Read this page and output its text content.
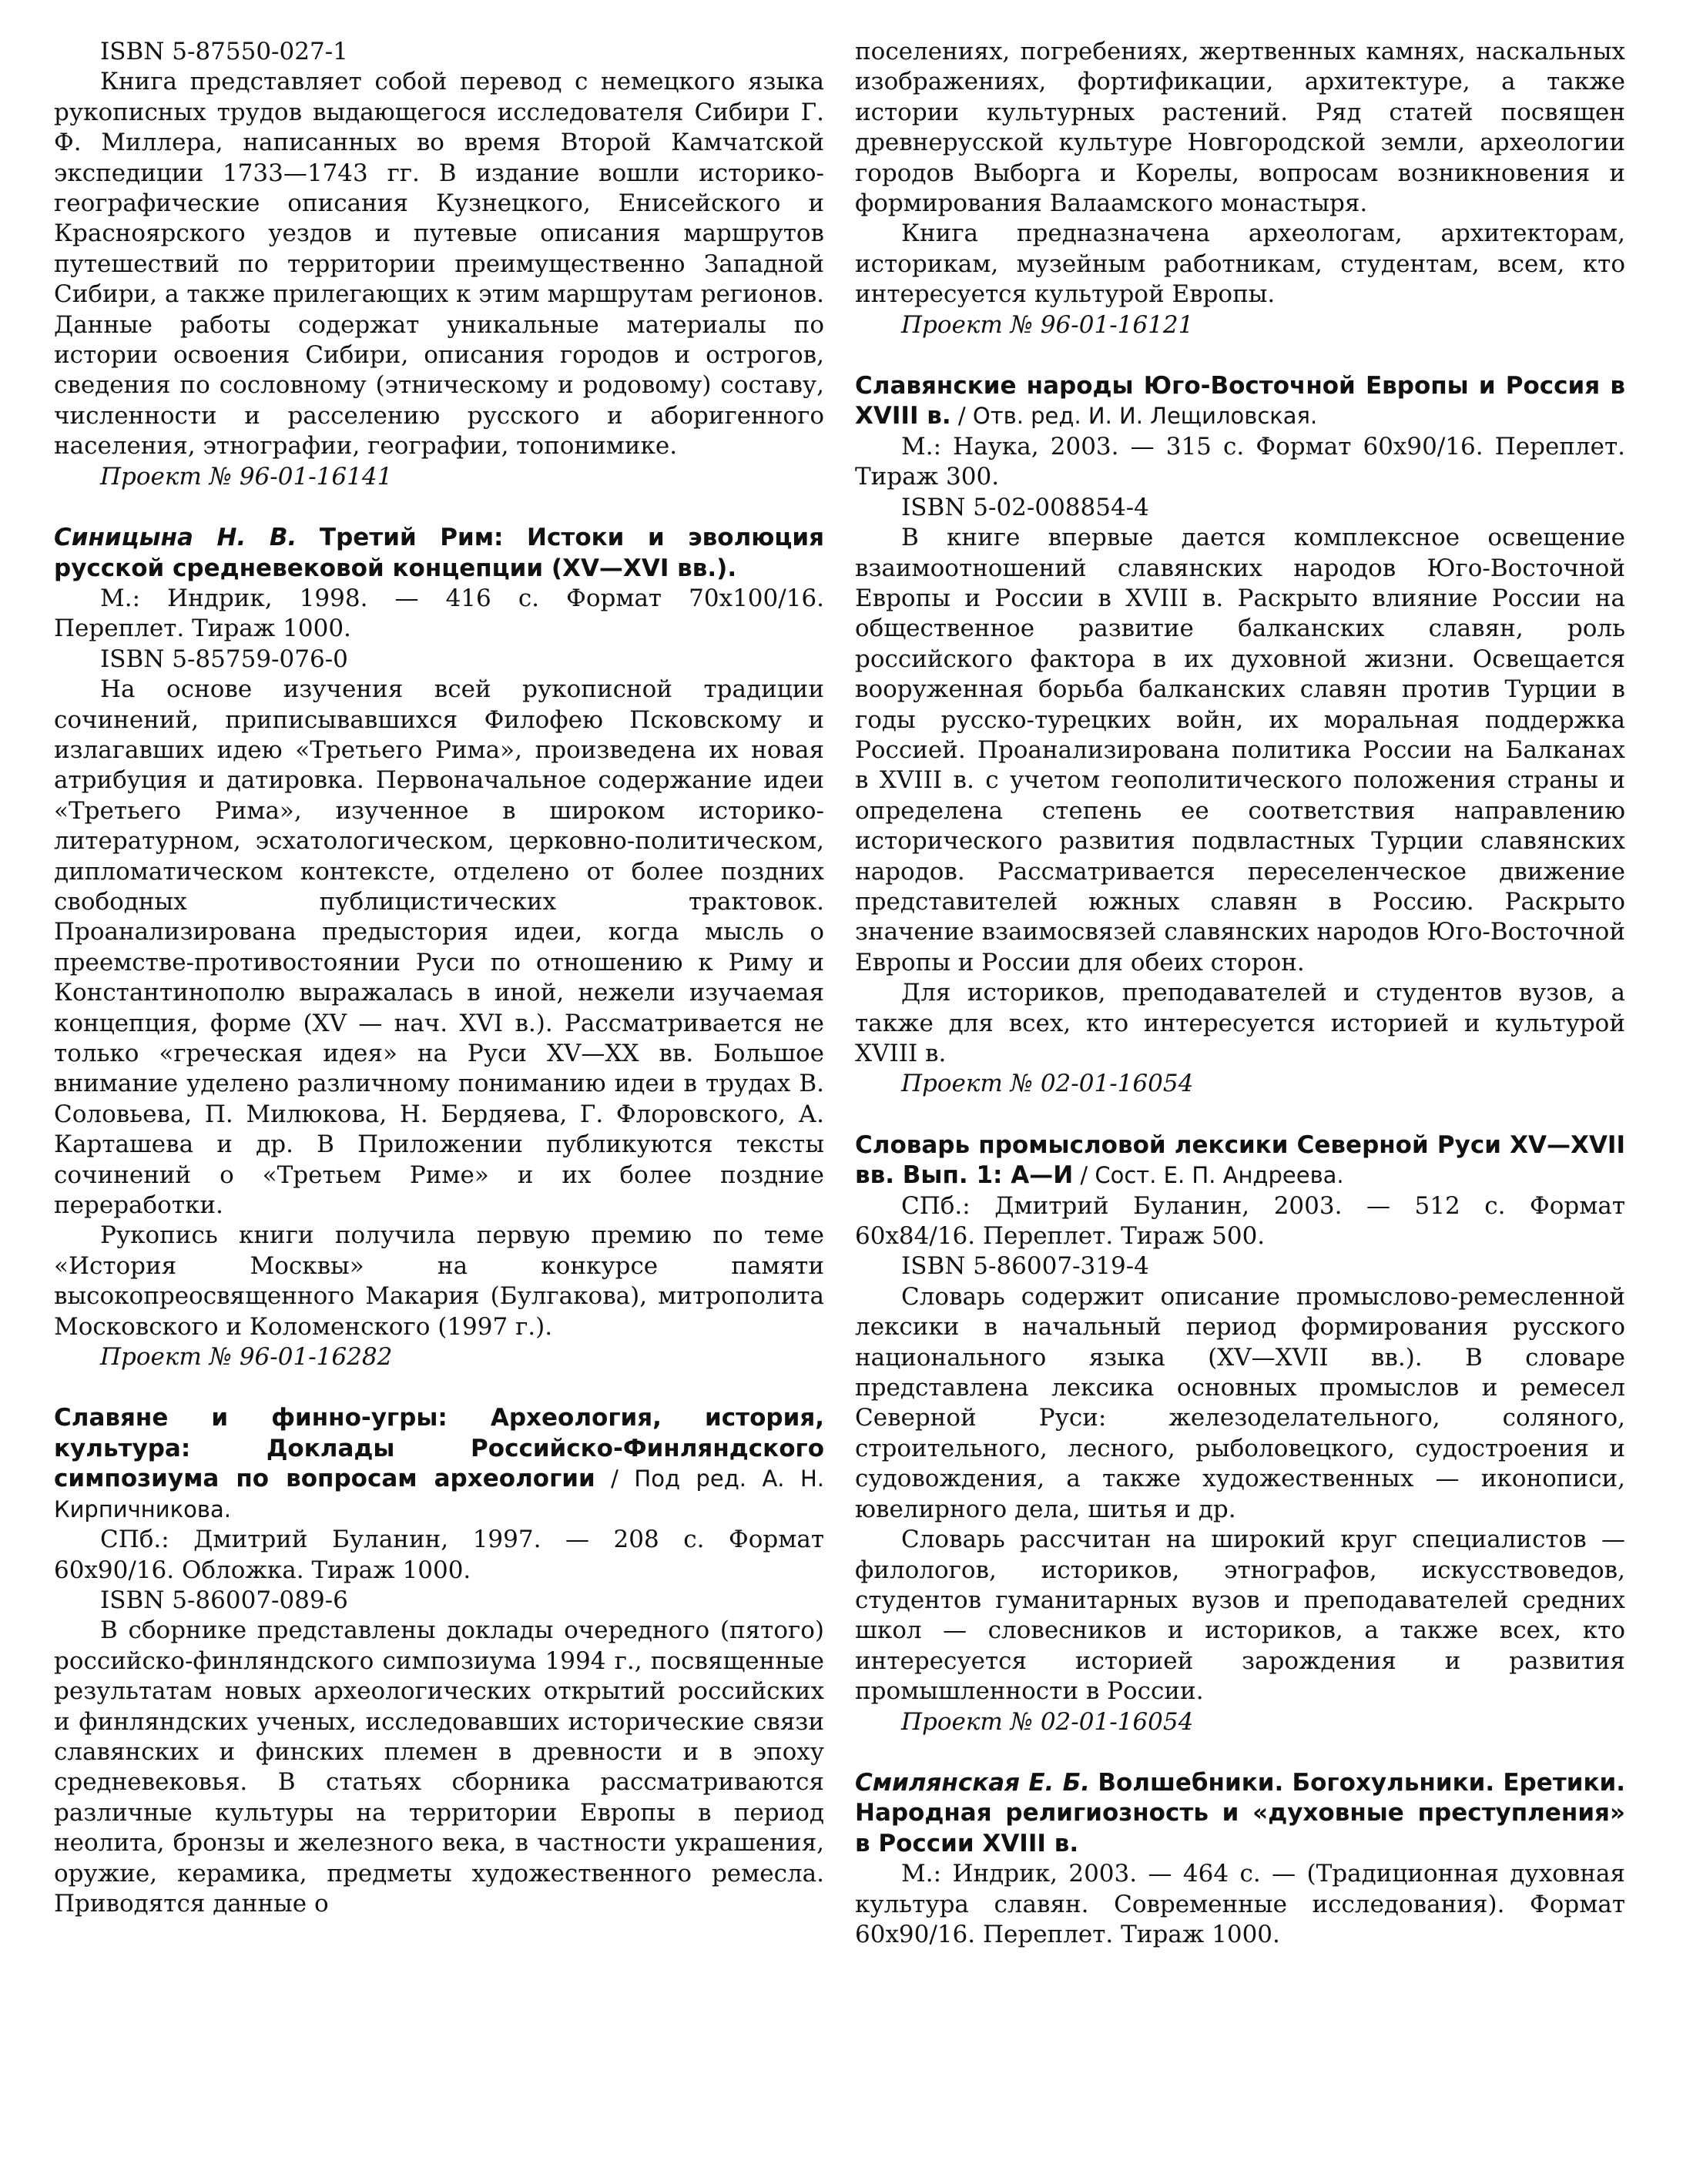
ISBN 5-87550-027-1

Книга представляет собой перевод с немецкого языка рукописных трудов выдающегося исследователя Сибири Г. Ф. Миллера, написанных во время Второй Камчатской экспедиции 1733—1743 гг. В издание вошли историко-географические описания Кузнецкого, Енисейского и Красноярского уездов и путевые описания маршрутов путешествий по территории преимущественно Западной Сибири, а также прилегающих к этим маршрутам регионов. Данные работы содержат уникальные материалы по истории освоения Сибири, описания городов и острогов, сведения по сословному (этническому и родовому) составу, численности и расселению русского и аборигенного населения, этнографии, географии, топонимике.

Проект № 96-01-16141

Синицына Н. В. Третий Рим: Истоки и эволюция русской средневековой концепции (XV—XVI вв.).

М.: Индрик, 1998. — 416 с. Формат 70x100/16. Переплет. Тираж 1000.

ISBN 5-85759-076-0

На основе изучения всей рукописной традиции сочинений, приписывавшихся Филофею Псковскому и излагавших идею «Третьего Рима», произведена их новая атрибуция и датировка. Первоначальное содержание идеи «Третьего Рима», изученное в широком историко-литературном, эсхатологическом, церковно-политическом, дипломатическом контексте, отделено от более поздних свободных публицистических трактовок. Проанализирована предыстория идеи, когда мысль о преемстве-противостоянии Руси по отношению к Риму и Константинополю выражалась в иной, нежели изучаемая концепция, форме (XV — нач. XVI в.). Рассматривается не только «греческая идея» на Руси XV—XX вв. Большое внимание уделено различному пониманию идеи в трудах В. Соловьева, П. Милюкова, Н. Бердяева, Г. Флоровского, А. Карташева и др. В Приложении публикуются тексты сочинений о «Третьем Риме» и их более поздние переработки.

Рукопись книги получила первую премию по теме «История Москвы» на конкурсе памяти высокопреосвященного Макария (Булгакова), митрополита Московского и Коломенского (1997 г.).

Проект № 96-01-16282

Славяне и финно-угры: Археология, история, культура: Доклады Российско-Финляндского симпозиума по вопросам археологии / Под ред. А. Н. Кирпичникова.

СПб.: Дмитрий Буланин, 1997. — 208 с. Формат 60x90/16. Обложка. Тираж 1000.

ISBN 5-86007-089-6

В сборнике представлены доклады очередного (пятого) российско-финляндского симпозиума 1994 г., посвященные результатам новых археологических открытий российских и финляндских ученых, исследовавших исторические связи славянских и финских племен в древности и в эпоху средневековья. В статьях сборника рассматриваются различные культуры на территории Европы в период неолита, бронзы и железного века, в частности украшения, оружие, керамика, предметы художественного ремесла. Приводятся данные о

поселениях, погребениях, жертвенных камнях, наскальных изображениях, фортификации, архитектуре, а также истории культурных растений. Ряд статей посвящен древнерусской культуре Новгородской земли, археологии городов Выборга и Корелы, вопросам возникновения и формирования Валаамского монастыря.

Книга предназначена археологам, архитекторам, историкам, музейным работникам, студентам, всем, кто интересуется культурой Европы.

Проект № 96-01-16121

Славянские народы Юго-Восточной Европы и Россия в XVIII в. / Отв. ред. И. И. Лещиловская.

М.: Наука, 2003. — 315 с. Формат 60x90/16. Переплет. Тираж 300.

ISBN 5-02-008854-4

В книге впервые дается комплексное освещение взаимоотношений славянских народов Юго-Восточной Европы и России в XVIII в. Раскрыто влияние России на общественное развитие балканских славян, роль российского фактора в их духовной жизни. Освещается вооруженная борьба балканских славян против Турции в годы русско-турецких войн, их моральная поддержка Россией. Проанализирована политика России на Балканах в XVIII в. с учетом геополитического положения страны и определена степень ее соответствия направлению исторического развития подвластных Турции славянских народов. Рассматривается переселенческое движение представителей южных славян в Россию. Раскрыто значение взаимосвязей славянских народов Юго-Восточной Европы и России для обеих сторон.

Для историков, преподавателей и студентов вузов, а также для всех, кто интересуется историей и культурой XVIII в.

Проект № 02-01-16054

Словарь промысловой лексики Северной Руси XV—XVII вв. Вып. 1: А—И / Сост. Е. П. Андреева.

СПб.: Дмитрий Буланин, 2003. — 512 с. Формат 60x84/16. Переплет. Тираж 500.

ISBN 5-86007-319-4

Словарь содержит описание промыслово-ремесленной лексики в начальный период формирования русского национального языка (XV—XVII вв.). В словаре представлена лексика основных промыслов и ремесел Северной Руси: железоделательного, соляного, строительного, лесного, рыболовецкого, судостроения и судовождения, а также художественных — иконописи, ювелирного дела, шитья и др.

Словарь рассчитан на широкий круг специалистов — филологов, историков, этнографов, искусствоведов, студентов гуманитарных вузов и преподавателей средних школ — словесников и историков, а также всех, кто интересуется историей зарождения и развития промышленности в России.

Проект № 02-01-16054

Смилянская Е. Б. Волшебники. Богохульники. Еретики. Народная религиозность и «духовные преступления» в России XVIII в.

М.: Индрик, 2003. — 464 с. — (Традиционная духовная культура славян. Современные исследования). Формат 60x90/16. Переплет. Тираж 1000.
